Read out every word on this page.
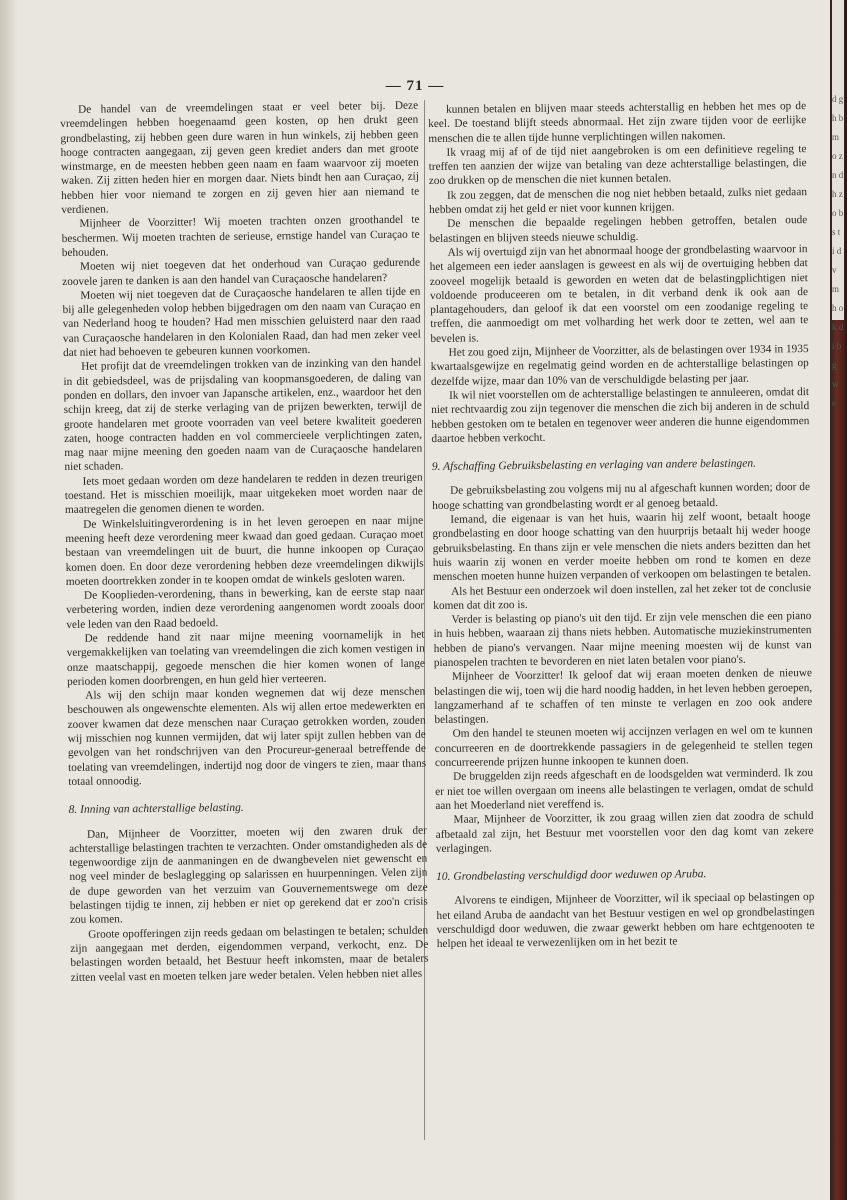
— 71 —

De handel van de vreemdelingen staat er veel beter bij. Deze vreemdelingen hebben hoegenaamd geen kosten, op hen drukt geen grondbelasting, zij hebben geen dure waren in hun winkels, zij hebben geen hooge contracten aangegaan, zij geven geen krediet anders dan met groote winstmarge, en de meesten hebben geen naam en faam waarvoor zij moeten waken. Zij zitten heden hier en morgen daar. Niets bindt hen aan Curaçao, zij hebben hier voor niemand te zorgen en zij geven hier aan niemand te verdienen.

Mijnheer de Voorzitter! Wij moeten trachten onzen groothandel te beschermen. Wij moeten trachten de serieuse, ernstige handel van Curaçao te behouden.

Moeten wij niet toegeven dat het onderhoud van Curaçao gedurende zoovele jaren te danken is aan den handel van Curaçaosche handelaren?

Moeten wij niet toegeven dat de Curaçaosche handelaren te allen tijde en bij alle gelegenheden volop hebben bijgedragen om den naam van Curaçao en van Nederland hoog te houden? Had men misschien geluisterd naar den raad van Curaçaosche handelaren in den Kolonialen Raad, dan had men zeker veel dat niet had behoeven te gebeuren kunnen voorkomen.

Het profijt dat de vreemdelingen trokken van de inzinking van den handel in dit gebiedsdeel, was de prijsdaling van koopmansgoederen, de daling van ponden en dollars, den invoer van Japansche artikelen, enz., waardoor het den schijn kreeg, dat zij de sterke verlaging van de prijzen bewerkten, terwijl de groote handelaren met groote voorraden van veel betere kwaliteit goederen zaten, hooge contracten hadden en vol commercieele verplichtingen zaten, mag naar mijne meening den goeden naam van de Curaçaosche handelaren niet schaden.

Iets moet gedaan worden om deze handelaren te redden in dezen treurigen toestand. Het is misschien moeilijk, maar uitgekeken moet worden naar de maatregelen die genomen dienen te worden.

De Winkelsluitingverordening is in het leven geroepen en naar mijne meening heeft deze verordening meer kwaad dan goed gedaan. Curaçao moet bestaan van vreemdelingen uit de buurt, die hunne inkoopen op Curaçao komen doen. En door deze verordening hebben deze vreemdelingen dikwijls moeten doortrekken zonder in te koopen omdat de winkels gesloten waren.

De Kooplieden-verordening, thans in bewerking, kan de eerste stap naar verbetering worden, indien deze verordening aangenomen wordt zooals door vele leden van den Raad bedoeld.

De reddende hand zit naar mijne meening voornamelijk in het vergemakkelijken van toelating van vreemdelingen die zich komen vestigen in onze maatschappij, gegoede menschen die hier komen wonen of lange perioden komen doorbrengen, en hun geld hier verteeren.

Als wij den schijn maar konden wegnemen dat wij deze menschen beschouwen als ongewenschte elementen. Als wij allen ertoe medewerkten en zoover kwamen dat deze menschen naar Curaçao getrokken worden, zouden wij misschien nog kunnen vermijden, dat wij later spijt zullen hebben van de gevolgen van het rondschrijven van den Procureur-generaal betreffende de toelating van vreemdelingen, indertijd nog door de vingers te zien, maar thans totaal onnoodig.

8. Inning van achterstallige belasting.

Dan, Mijnheer de Voorzitter, moeten wij den zwaren druk der achterstallige belastingen trachten te verzachten. Onder omstandigheden als de tegenwoordige zijn de aanmaningen en de dwangbevelen niet gewenscht en nog veel minder de beslaglegging op salarissen en huurpenningen. Velen zijn de dupe geworden van het verzuim van Gouvernementswege om deze belastingen tijdig te innen, zij hebben er niet op gerekend dat er zoo'n crisis zou komen.

Groote opofferingen zijn reeds gedaan om belastingen te betalen; schulden zijn aangegaan met derden, eigendommen verpand, verkocht, enz. De belastingen worden betaald, het Bestuur heeft inkomsten, maar de betalers zitten veelal vast en moeten telken jare weder betalen. Velen hebben niet alles

kunnen betalen en blijven maar steeds achterstallig en hebben het mes op de keel. De toestand blijft steeds abnormaal. Het zijn zware tijden voor de eerlijke menschen die te allen tijde hunne verplichtingen willen nakomen.

Ik vraag mij af of de tijd niet aangebroken is om een definitieve regeling te treffen ten aanzien der wijze van betaling van deze achterstallige belastingen, die zoo drukken op de menschen die niet kunnen betalen.

Ik zou zeggen, dat de menschen die nog niet hebben betaald, zulks niet gedaan hebben omdat zij het geld er niet voor kunnen krijgen.

De menschen die bepaalde regelingen hebben getroffen, betalen oude belastingen en blijven steeds nieuwe schuldig.

Als wij overtuigd zijn van het abnormaal hooge der grondbelasting waarvoor in het algemeen een ieder aanslagen is geweest en als wij de overtuiging hebben dat zooveel mogelijk betaald is geworden en weten dat de belastingplichtigen niet voldoende produceeren om te betalen, in dit verband denk ik ook aan de plantagehouders, dan geloof ik dat een voorstel om een zoodanige regeling te treffen, die aanmoedigt om met volharding het werk door te zetten, wel aan te bevelen is.

Het zou goed zijn, Mijnheer de Voorzitter, als de belastingen over 1934 in 1935 kwartaalsgewijze en regelmatig geind worden en de achterstallige belastingen op dezelfde wijze, maar dan 10% van de verschuldigde belasting per jaar.

Ik wil niet voorstellen om de achterstallige belastingen te annuleeren, omdat dit niet rechtvaardig zou zijn tegenover die menschen die zich bij anderen in de schuld hebben gestoken om te betalen en tegenover weer anderen die hunne eigendommen daartoe hebben verkocht.

9. Afschaffing Gebruiksbelasting en verlaging van andere belastingen.

De gebruiksbelasting zou volgens mij nu al afgeschaft kunnen worden; door de hooge schatting van grondbelasting wordt er al genoeg betaald.

Iemand, die eigenaar is van het huis, waarin hij zelf woont, betaalt hooge grondbelasting en door hooge schatting van den huurprijs betaalt hij weder hooge gebruiksbelasting. En thans zijn er vele menschen die niets anders bezitten dan het huis waarin zij wonen en verder moeite hebben om rond te komen en deze menschen moeten hunne huizen verpanden of verkoopen om belastingen te betalen.

Als het Bestuur een onderzoek wil doen instellen, zal het zeker tot de conclusie komen dat dit zoo is.

Verder is belasting op piano's uit den tijd. Er zijn vele menschen die een piano in huis hebben, waaraan zij thans niets hebben. Automatische muziekinstrumenten hebben de piano's vervangen. Naar mijne meening moesten wij de kunst van pianospelen trachten te bevorderen en niet laten betalen voor piano's.

Mijnheer de Voorzitter! Ik geloof dat wij eraan moeten denken de nieuwe belastingen die wij, toen wij die hard noodig hadden, in het leven hebben geroepen, langzamerhand af te schaffen of ten minste te verlagen en zoo ook andere belastingen.

Om den handel te steunen moeten wij accijnzen verlagen en wel om te kunnen concurreeren en de doortrekkende passagiers in de gelegenheid te stellen tegen concurreerende prijzen hunne inkoopen te kunnen doen.

De bruggelden zijn reeds afgeschaft en de loodsgelden wat verminderd. Ik zou er niet toe willen overgaan om ineens alle belastingen te verlagen, omdat de schuld aan het Moederland niet vereffend is.

Maar, Mijnheer de Voorzitter, ik zou graag willen zien dat zoodra de schuld afbetaald zal zijn, het Bestuur met voorstellen voor den dag komt van zekere verlagingen.

10. Grondbelasting verschuldigd door weduwen op Aruba.

Alvorens te eindigen, Mijnheer de Voorzitter, wil ik speciaal op belastingen op het eiland Aruba de aandacht van het Bestuur vestigen en wel op grondbelastingen verschuldigd door weduwen, die zwaar gewerkt hebben om hare echtgenooten te helpen het ideaal te verwezenlijken om in het bezit te

d g h b m o z n d h z o b s t i d v m h o k d i b g w e
